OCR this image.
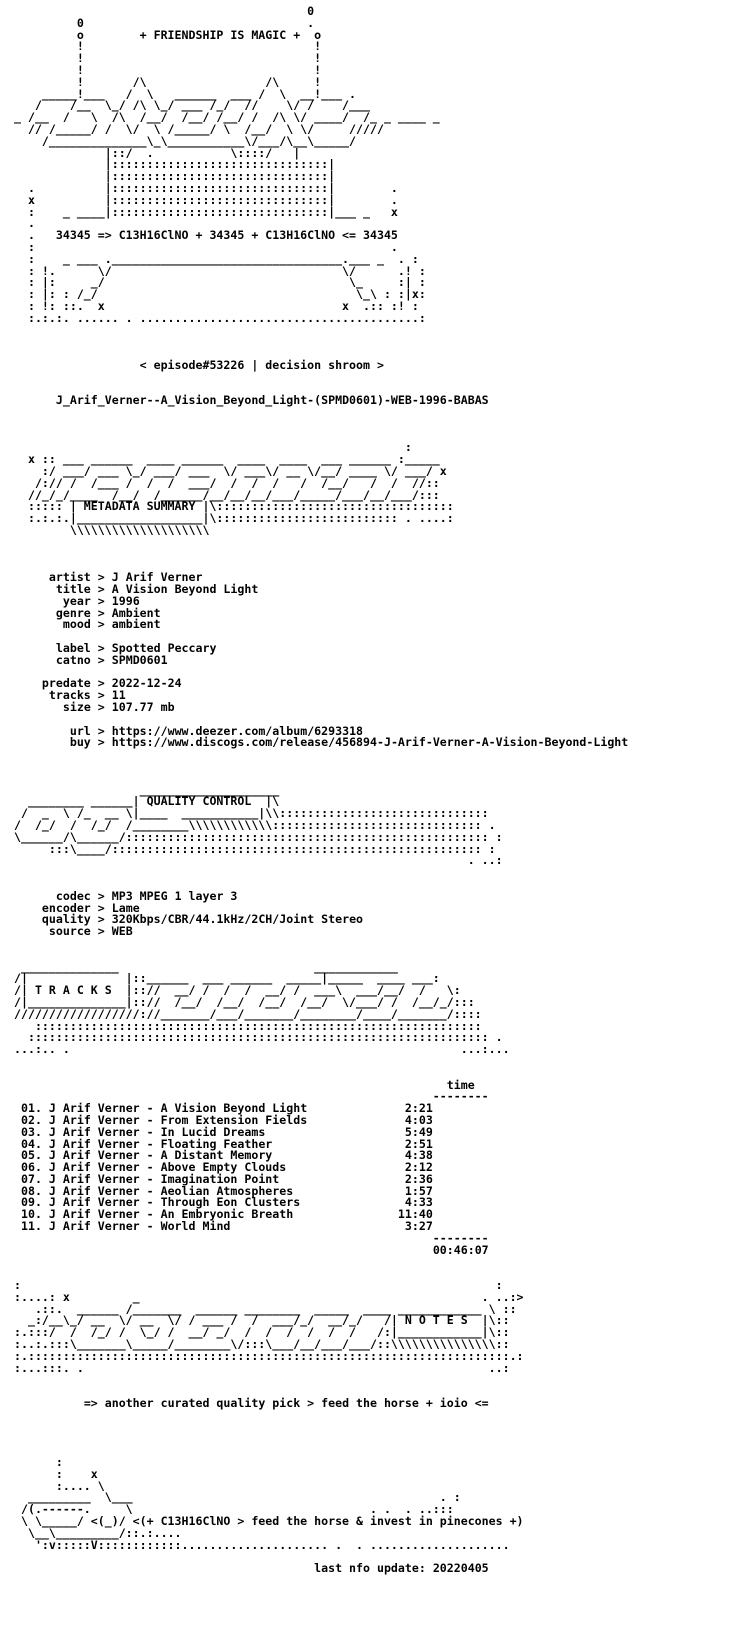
0
0                                .
o        + FRIENDSHIP IS MAGIC +  o
!                                 !
!                                 !
!                                 !
!       /\                 /\     !
_____!___   /  \   ______  ___ /  \  __!___ .
/    /__  \_/ /\ \_/ ___ /_/  //    \/ /    /___
_ /__  /   \  /\  /__/  /__/ /__/ /  /\ \/ ____/  /_ _ ____ _
// /_____/ /  \/  \ /_____/ \  /__/  \ \/     /////
/______________\_\___________\/___/\__\_____/
|::/  .           \::::/   |
|:::::::::::::::::::::::::::::::|
|:::::::::::::::::::::::::::::::|
.          |:::::::::::::::::::::::::::::::|        .
x          |:::::::::::::::::::::::::::::::|        .
:    _ ____|:::::::::::::::::::::::::::::::|___ _   x
.
.   34345 => C13H16ClNO + 34345 + C13H16ClNO <= 34345
:                                                   .
:    _ ___ ._________________________________.___ _  . :
: !.      \/                                 \/      .! :
: |:     _/                                   \_     :| :
: |: : /_/                                     \_\ : :|x:
: !: ::.  x                                  x  .:: :! :
:.:.:. ...... . ........................................:

< episode#53226 | decision shroom >

J_Arif_Verner--A_Vision_Beyond_Light-(SPMD0601)-WEB-1996-BABAS

:
x :: ___ ______  ____ ______  ____  ____  ___ ______ :_____
:/ ___/ ___ \_/ ___/ ___  \/ ___\/ __ \/__/ ____ \/ ___/ x
/:// /  /___ /  /  /  ___/  /  /  /   /  /__/   /  /  //::
//_/_/____  /__/  /______/__/__/__/___/_____/___/__/___/:::
::::: | METADATA SUMMARY |\::::::::::::::::::::::::::::::::::
:.:.:.|__________________|\:::::::::::::::::::::::::: . ....:
\\\\\\\\\\\\\\\\\\\\

artist > J Arif Verner
title > A Vision Beyond Light
year > 1996
genre > Ambient
mood > ambient

label > Spotted Peccary
catno > SPMD0601

predate > 2022-12-24
tracks > 11
size > 107.77 mb

url > https://www.deezer.com/album/6293318
buy > https://www.discogs.com/release/456894-J-Arif-Verner-A-Vision-Beyond-Light

____________________
________ ______| QUALITY CONTROL  |\
/  _  \ /_  __ \|____  ___________|\\::::::::::::::::::::::::::::::
/  /_/  /  /_/  /________\\\\\\\\\\\\:::::::::::::::::::::::::::::: .
\______/\______/:::::::::::::::::::::::::::::::::::::::::::::::::::: :
:::\____/::::::::::::::::::::::::::::::::::::::::::::::::::::: :
. ..:

codec > MP3 MPEG 1 layer 3
encoder > Lame
quality > 320Kbps/CBR/44.1kHz/2CH/Joint Stereo
source > WEB

______________                            ____________
/|              |::______  ___ ______  _____|_____  ____ ___:
/| T R A C K S  |:://  __/ /  /  /  __/ /  ___\  ___/__/  /   \:
/|______________|:://  /__/  /__/  /__/  /__/  \/___/ /  /__/_/:::
//////////////////://_______/___/_______/________/____/_______/::::
::::::::::::::::::::::::::::::::::::::::::::::::::::::::::::::::
:::::::::::::::::::::::::::::::::::::::::::::::::::::::::::::::::: .
...:.. .                                                        ...:...

time
--------
01. J Arif Verner - A Vision Beyond Light              2:21
02. J Arif Verner - From Extension Fields              4:03
03. J Arif Verner - In Lucid Dreams                    5:49
04. J Arif Verner - Floating Feather                   2:51
05. J Arif Verner - A Distant Memory                   4:38
06. J Arif Verner - Above Empty Clouds                 2:12
07. J Arif Verner - Imagination Point                  2:36
08. J Arif Verner - Aeolian Atmospheres                1:57
09. J Arif Verner - Through Eon Clusters               4:33
10. J Arif Verner - An Embryonic Breath               11:40
11. J Arif Verner - World Mind                         3:27
--------
00:46:07

:                                                                    :
:....: x         _                                                 . ..:>
.::.  ______ /_______  ______ ________  _____  ____ ____________ \ ::
_:/__\_/ __  \/ __  \/ / ___ /  /  ___/_/  __/_/   /| N O T E S  |\::
:.:::/  /  /_/ /  \_/ /  __/ _/  /  /  /  /  /  /   /:|____________|\::
:..:.:::\_______\_____/________\/:::\___/__/___/___/::\\\\\\\\\\\\\\\::
:.:::::::::::::::::::::::::::::::::::::::::::::::::::::::::::::::::::::.:
:...:::. .                                                          ..:

=> another curated quality pick > feed the horse + ioio <=

:
:    x
:.... \
_________  \___                                            . :
/(.------.     \                                  . .  . ..:::
\ \_____/ <(_)/ <(+ C13H16ClNO > feed the horse & invest in pinecones +)
\__\_________/::.:....
':v:::::V::::::::::::..................... .  . ....................

last nfo update: 20220405
